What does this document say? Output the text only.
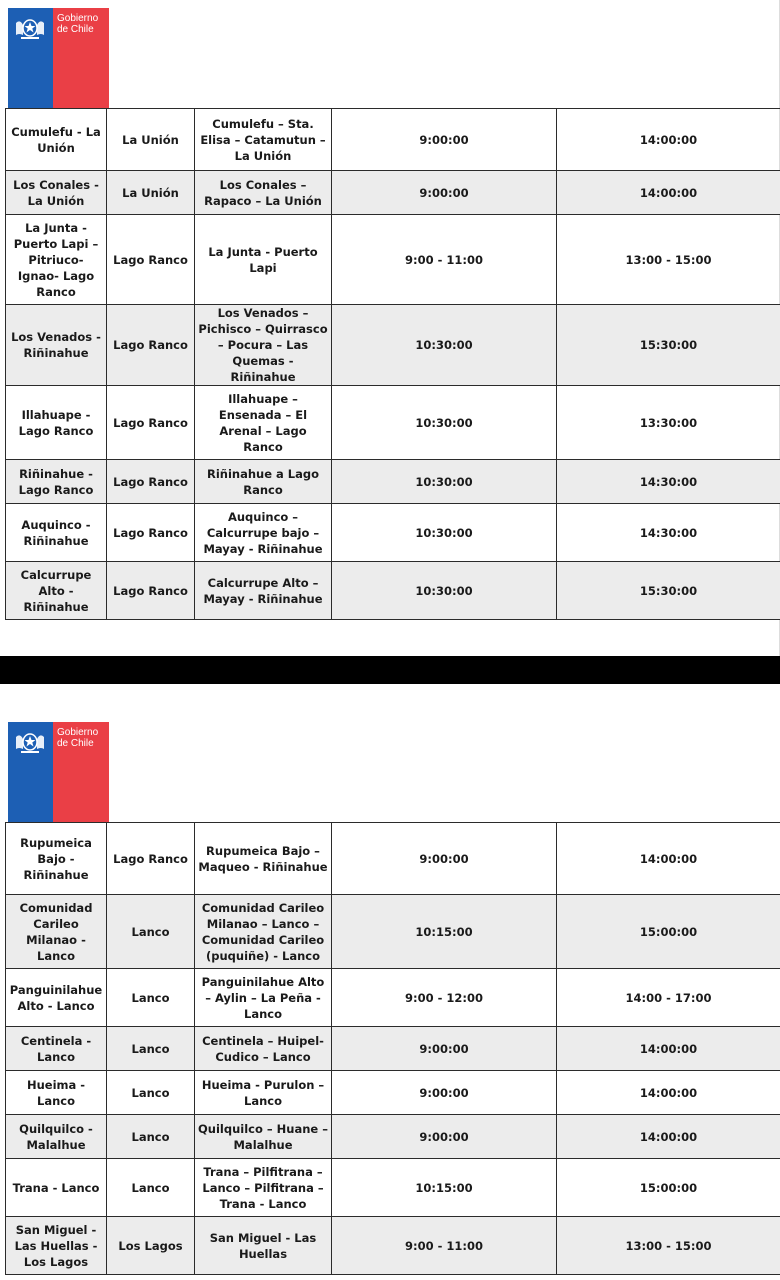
Gobierno
de Chile
Cumulefu - La Unión	La Unión	Cumulefu – Sta. Elisa – Catamutun – La Unión	9:00:00	14:00:00
Los Conales - La Unión	La Unión	Los Conales – Rapaco – La Unión	9:00:00	14:00:00
La Junta - Puerto Lapi – Pitriuco- Ignao- Lago Ranco	Lago Ranco	La Junta - Puerto Lapi	9:00 - 11:00	13:00 - 15:00
Los Venados - Riñinahue	Lago Ranco	Los Venados – Pichisco – Quirrasco – Pocura – Las Quemas - Riñinahue	10:30:00	15:30:00
Illahuape - Lago Ranco	Lago Ranco	Illahuape – Ensenada – El Arenal – Lago Ranco	10:30:00	13:30:00
Riñinahue - Lago Ranco	Lago Ranco	Riñinahue a Lago Ranco	10:30:00	14:30:00
Auquinco - Riñinahue	Lago Ranco	Auquinco – Calcurrupe bajo – Mayay - Riñinahue	10:30:00	14:30:00
Calcurrupe Alto - Riñinahue	Lago Ranco	Calcurrupe Alto – Mayay - Riñinahue	10:30:00	15:30:00
Gobierno
de Chile
Rupumeica Bajo - Riñinahue	Lago Ranco	Rupumeica Bajo – Maqueo - Riñinahue	9:00:00	14:00:00
Comunidad Carileo Milanao - Lanco	Lanco	Comunidad Carileo Milanao – Lanco – Comunidad Carileo (puquiñe) - Lanco	10:15:00	15:00:00
Panguinilahue Alto - Lanco	Lanco	Panguinilahue Alto – Aylin – La Peña - Lanco	9:00 - 12:00	14:00 - 17:00
Centinela - Lanco	Lanco	Centinela – Huipel- Cudico – Lanco	9:00:00	14:00:00
Hueima - Lanco	Lanco	Hueima - Purulon – Lanco	9:00:00	14:00:00
Quilquilco - Malalhue	Lanco	Quilquilco – Huane –Malalhue	9:00:00	14:00:00
Trana - Lanco	Lanco	Trana – Pilfitrana – Lanco – Pilfitrana – Trana - Lanco	10:15:00	15:00:00
San Miguel - Las Huellas - Los Lagos	Los Lagos	San Miguel - Las Huellas	9:00 - 11:00	13:00 - 15:00
